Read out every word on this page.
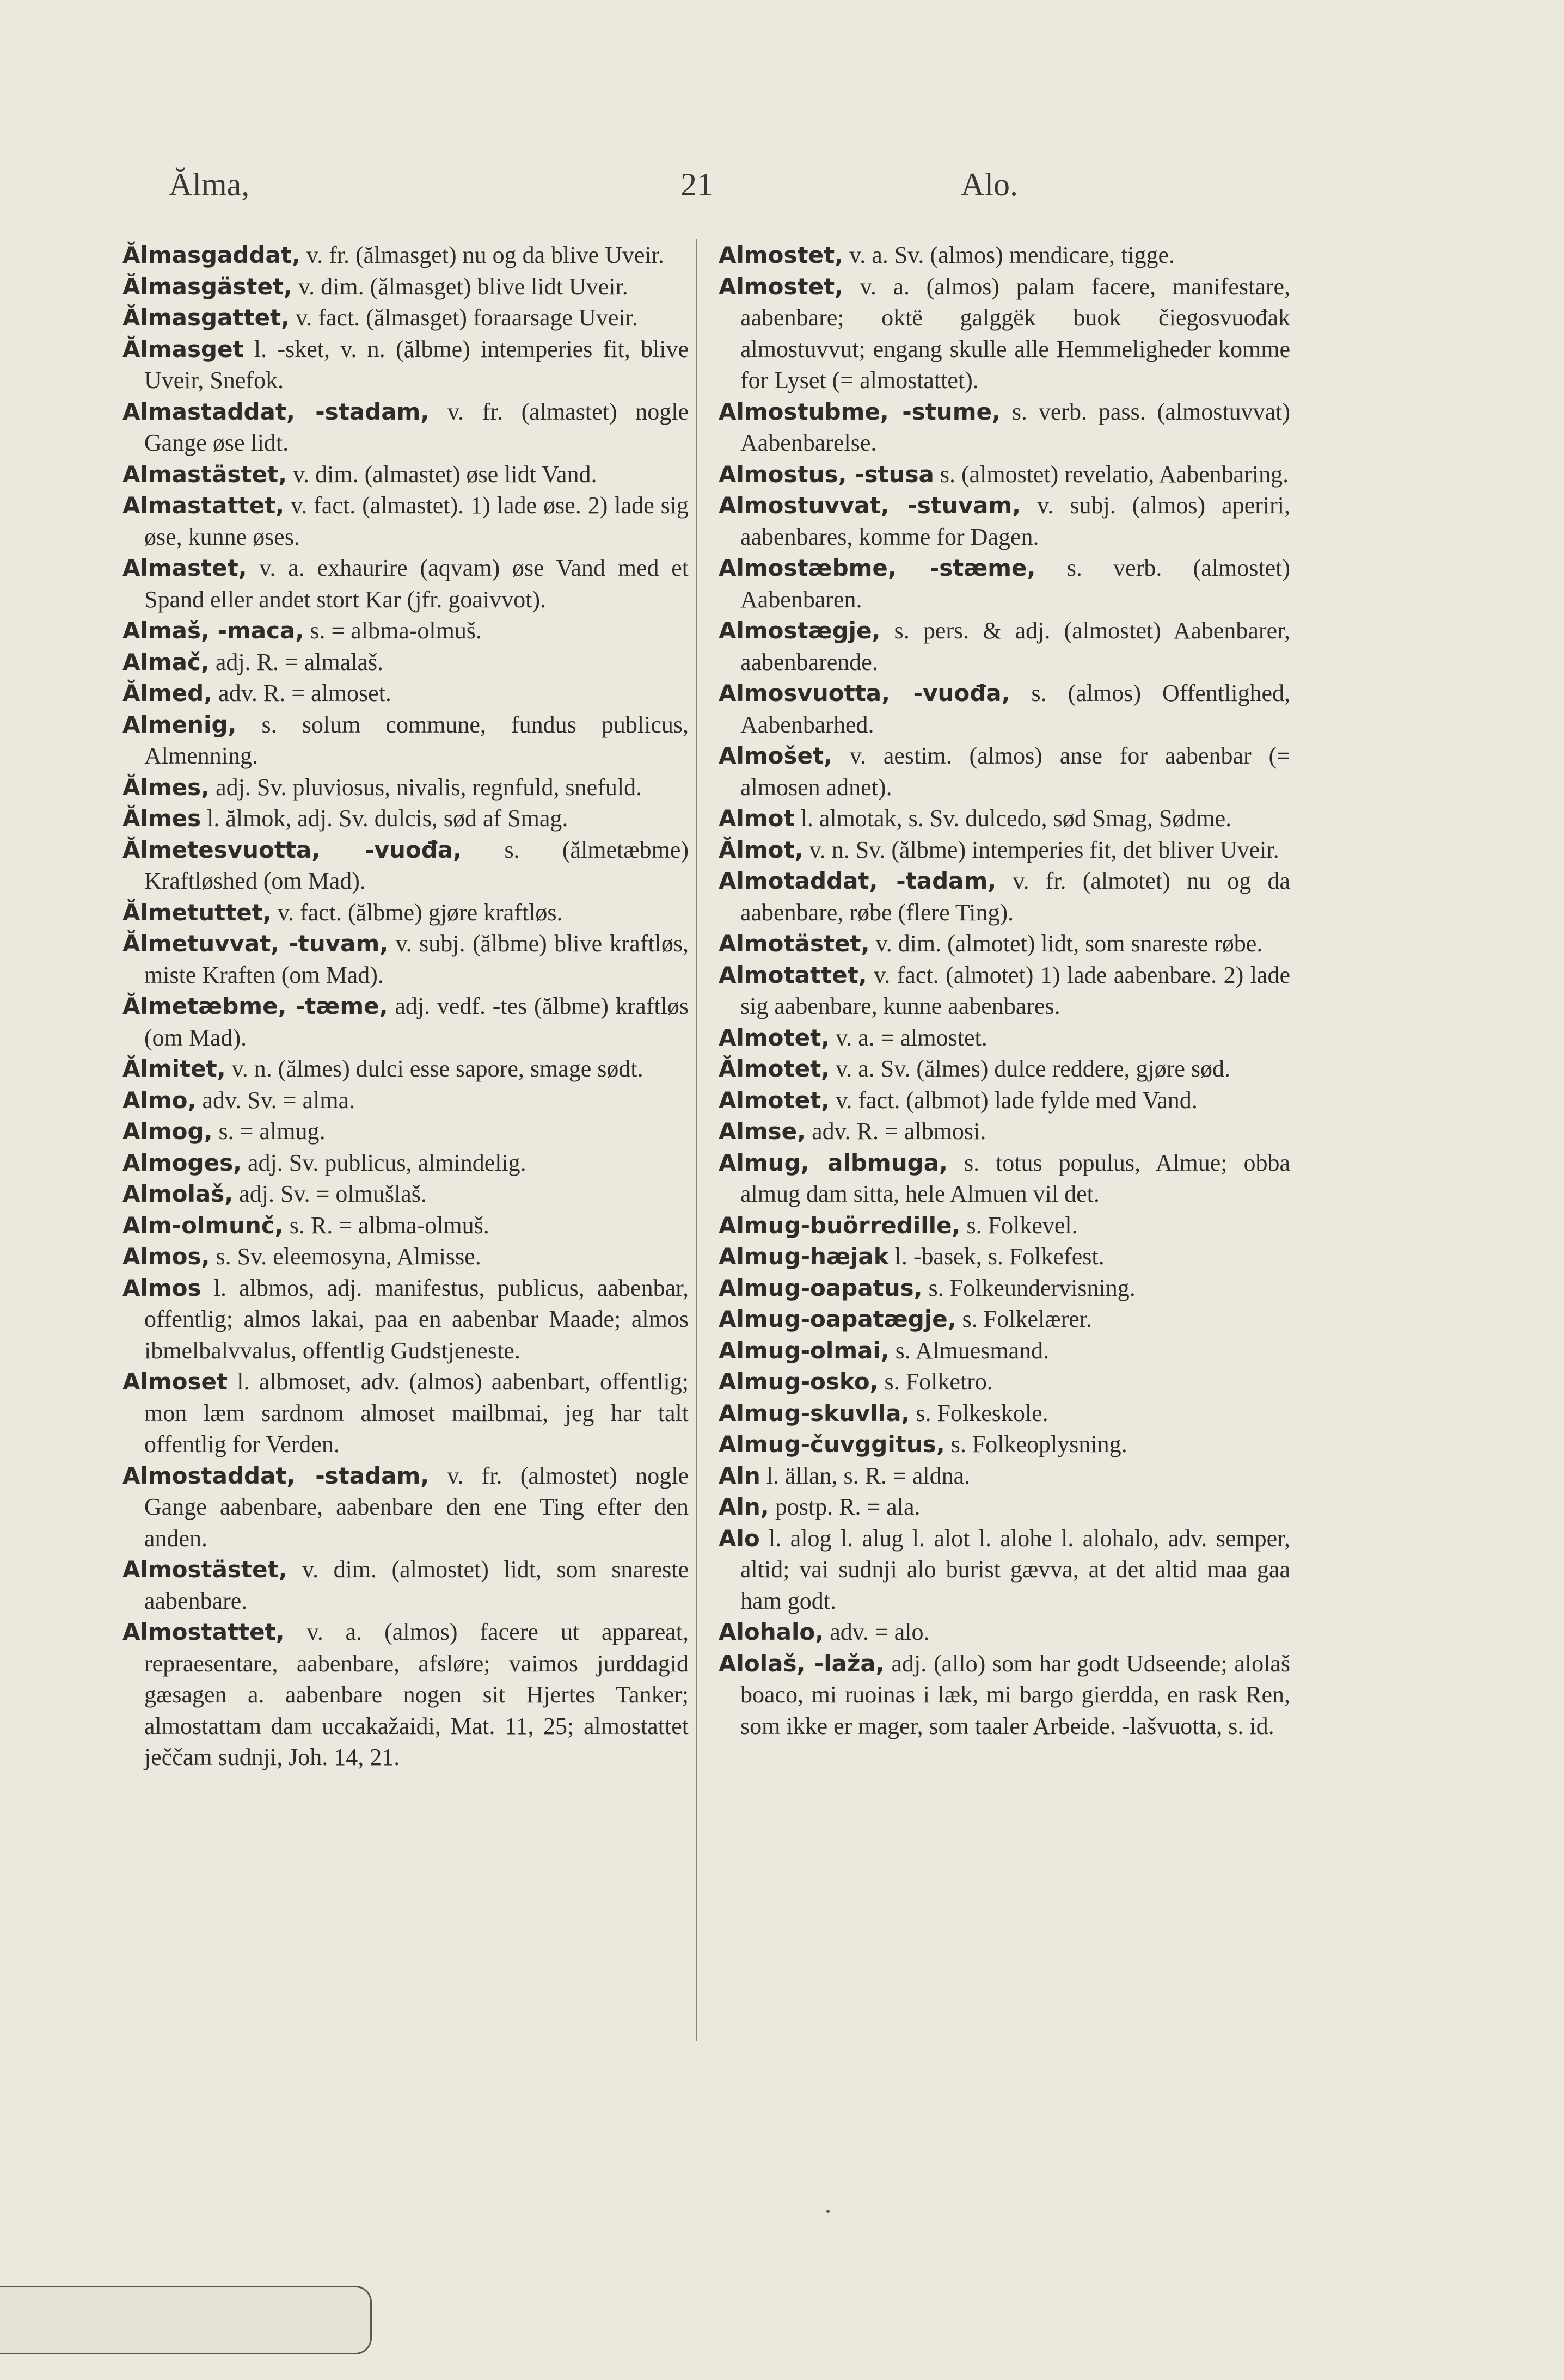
Ălma,	21	Alo.

Ălmasgaddat, v. fr. (ălmasget) nu og da blive Uveir.

Ălmasgästet, v. dim. (ălmasget) blive lidt Uveir.

Ălmasgattet, v. fact. (ălmasget) foraarsage Uveir.

Ălmasget l. -sket, v. n. (ălbme) intemperies fit, blive Uveir, Snefok.

Almastaddat, -stadam, v. fr. (almastet) nogle Gange øse lidt.

Almastästet, v. dim. (almastet) øse lidt Vand.

Almastattet, v. fact. (almastet). 1) lade øse. 2) lade sig øse, kunne øses.

Almastet, v. a. exhaurire (aqvam) øse Vand med et Spand eller andet stort Kar (jfr. goaivvot).

Almaš, -maca, s. = albma-olmuš.

Almač, adj. R. = almalaš.

Ălmed, adv. R. = almoset.

Almenig, s. solum commune, fundus publicus, Almenning.

Ălmes, adj. Sv. pluviosus, nivalis, regnfuld, snefuld.

Ălmes l. ălmok, adj. Sv. dulcis, sød af Smag.

Ălmetesvuotta, -vuođa, s. (ălmetæbme) Kraftløshed (om Mad).

Ălmetuttet, v. fact. (ălbme) gjøre kraftløs.

Ălmetuvvat, -tuvam, v. subj. (ălbme) blive kraftløs, miste Kraften (om Mad).

Ălmetæbme, -tæme, adj. vedf. -tes (ălbme) kraftløs (om Mad).

Ălmitet, v. n. (ălmes) dulci esse sapore, smage sødt.

Almo, adv. Sv. = alma.

Almog, s. = almug.

Almoges, adj. Sv. publicus, almindelig.

Almolaš, adj. Sv. = olmušlaš.

Alm-olmunč, s. R. = albma-olmuš.

Almos, s. Sv. eleemosyna, Almisse.

Almos l. albmos, adj. manifestus, publicus, aabenbar, offentlig; almos lakai, paa en aabenbar Maade; almos ibmelbalvvalus, offentlig Gudstjeneste.

Almoset l. albmoset, adv. (almos) aabenbart, offentlig; mon læm sardnom almoset mailbmai, jeg har talt offentlig for Verden.

Almostaddat, -stadam, v. fr. (almostet) nogle Gange aabenbare, aabenbare den ene Ting efter den anden.

Almostästet, v. dim. (almostet) lidt, som snareste aabenbare.

Almostattet, v. a. (almos) facere ut appareat, repraesentare, aabenbare, afsløre; vaimos jurddagid gæsagen a. aabenbare nogen sit Hjertes Tanker; almostattam dam uccakažaidi, Mat. 11, 25; almostattet ječčam sudnji, Joh. 14, 21.

Almostet, v. a. Sv. (almos) mendicare, tigge.

Almostet, v. a. (almos) palam facere, manifestare, aabenbare; oktë galggëk buok čiegosvuođak almostuvvut; engang skulle alle Hemmeligheder komme for Lyset (= almostattet).

Almostubme, -stume, s. verb. pass. (almostuvvat) Aabenbarelse.

Almostus, -stusa s. (almostet) revelatio, Aabenbaring.

Almostuvvat, -stuvam, v. subj. (almos) aperiri, aabenbares, komme for Dagen.

Almostæbme, -stæme, s. verb. (almostet) Aabenbaren.

Almostægje, s. pers. & adj. (almostet) Aabenbarer, aabenbarende.

Almosvuotta, -vuođa, s. (almos) Offentlighed, Aabenbarhed.

Almošet, v. aestim. (almos) anse for aabenbar (= almosen adnet).

Almot l. almotak, s. Sv. dulcedo, sød Smag, Sødme.

Ălmot, v. n. Sv. (ălbme) intemperies fit, det bliver Uveir.

Almotaddat, -tadam, v. fr. (almotet) nu og da aabenbare, røbe (flere Ting).

Almotästet, v. dim. (almotet) lidt, som snareste røbe.

Almotattet, v. fact. (almotet) 1) lade aabenbare. 2) lade sig aabenbare, kunne aabenbares.

Almotet, v. a. = almostet.

Ălmotet, v. a. Sv. (ălmes) dulce reddere, gjøre sød.

Almotet, v. fact. (albmot) lade fylde med Vand.

Almse, adv. R. = albmosi.

Almug, albmuga, s. totus populus, Almue; obba almug dam sitta, hele Almuen vil det.

Almug-buörredille, s. Folkevel.

Almug-hæjak l. -basek, s. Folkefest.

Almug-oapatus, s. Folkeundervisning.

Almug-oapatægje, s. Folkelærer.

Almug-olmai, s. Almuesmand.

Almug-osko, s. Folketro.

Almug-skuvlla, s. Folkeskole.

Almug-čuvggitus, s. Folkeoplysning.

Aln l. ällan, s. R. = aldna.

Aln, postp. R. = ala.

Alo l. alog l. alug l. alot l. alohe l. alohalo, adv. semper, altid; vai sudnji alo burist gævva, at det altid maa gaa ham godt.

Alohalo, adv. = alo.

Alolaš, -laža, adj. (allo) som har godt Udseende; alolaš boaco, mi ruoinas i læk, mi bargo gierdda, en rask Ren, som ikke er mager, som taaler Arbeide. -lašvuotta, s. id.
